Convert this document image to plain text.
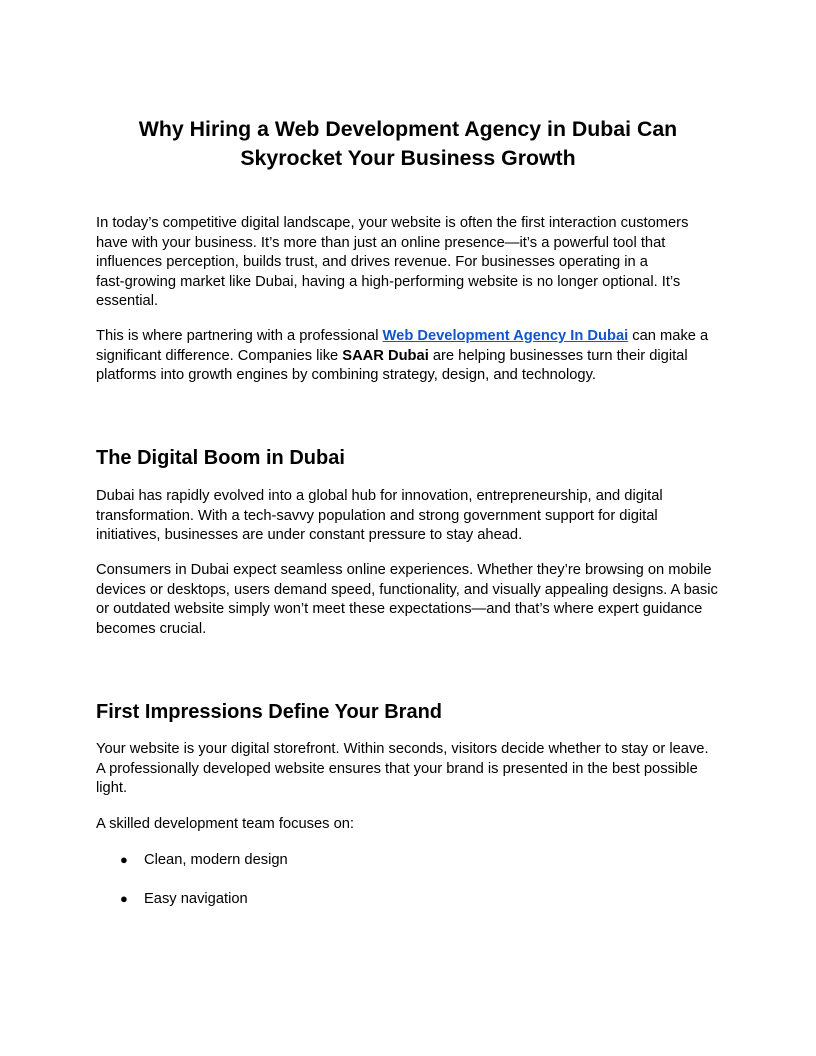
Why Hiring a Web Development Agency in Dubai Can
Skyrocket Your Business Growth

In today’s competitive digital landscape, your website is often the first interaction customers
have with your business. It’s more than just an online presence—it’s a powerful tool that
influences perception, builds trust, and drives revenue. For businesses operating in a
fast-growing market like Dubai, having a high-performing website is no longer optional. It’s
essential.

This is where partnering with a professional Web Development Agency In Dubai can make a
significant difference. Companies like SAAR Dubai are helping businesses turn their digital
platforms into growth engines by combining strategy, design, and technology.

The Digital Boom in Dubai

Dubai has rapidly evolved into a global hub for innovation, entrepreneurship, and digital
transformation. With a tech-savvy population and strong government support for digital
initiatives, businesses are under constant pressure to stay ahead.

Consumers in Dubai expect seamless online experiences. Whether they’re browsing on mobile
devices or desktops, users demand speed, functionality, and visually appealing designs. A basic
or outdated website simply won’t meet these expectations—and that’s where expert guidance
becomes crucial.

First Impressions Define Your Brand

Your website is your digital storefront. Within seconds, visitors decide whether to stay or leave.
A professionally developed website ensures that your brand is presented in the best possible
light.

A skilled development team focuses on:

● Clean, modern design
● Easy navigation
